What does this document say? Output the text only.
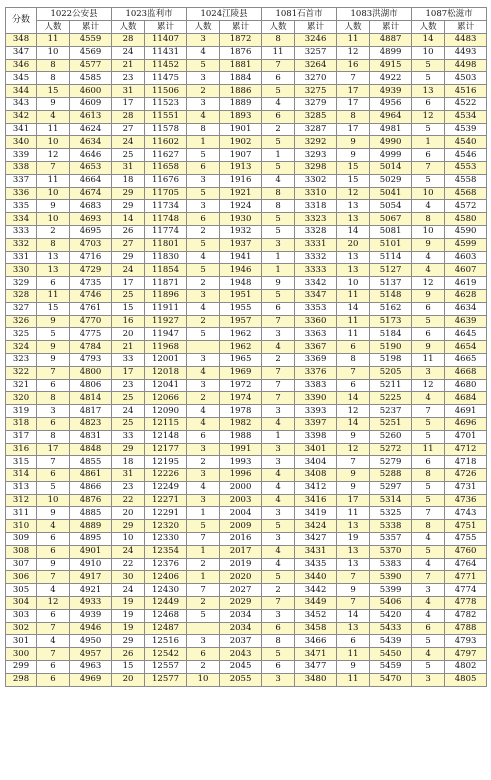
分数	1022公安县		1023监利市		1024江陵县		1081石首市		1083洪湖市		1087松滋市	
	人数	累计	人数	累计	人数	累计	人数	累计	人数	累计	人数	累计
348	11	4559	28	11407	3	1872	8	3246	11	4887	14	4483
347	10	4569	24	11431	4	1876	11	3257	12	4899	10	4493
346	8	4577	21	11452	5	1881	7	3264	16	4915	5	4498
345	8	4585	23	11475	3	1884	6	3270	7	4922	5	4503
344	15	4600	31	11506	2	1886	5	3275	17	4939	13	4516
343	9	4609	17	11523	3	1889	4	3279	17	4956	6	4522
342	4	4613	28	11551	4	1893	6	3285	8	4964	12	4534
341	11	4624	27	11578	8	1901	2	3287	17	4981	5	4539
340	10	4634	24	11602	1	1902	5	3292	9	4990	1	4540
339	12	4646	25	11627	5	1907	1	3293	9	4999	6	4546
338	7	4653	31	11658	6	1913	5	3298	15	5014	7	4553
337	11	4664	18	11676	3	1916	4	3302	15	5029	5	4558
336	10	4674	29	11705	5	1921	8	3310	12	5041	10	4568
335	9	4683	29	11734	3	1924	8	3318	13	5054	4	4572
334	10	4693	14	11748	6	1930	5	3323	13	5067	8	4580
333	2	4695	26	11774	2	1932	5	3328	14	5081	10	4590
332	8	4703	27	11801	5	1937	3	3331	20	5101	9	4599
331	13	4716	29	11830	4	1941	1	3332	13	5114	4	4603
330	13	4729	24	11854	5	1946	1	3333	13	5127	4	4607
329	6	4735	17	11871	2	1948	9	3342	10	5137	12	4619
328	11	4746	25	11896	3	1951	5	3347	11	5148	9	4628
327	15	4761	15	11911	4	1955	6	3353	14	5162	6	4634
326	9	4770	16	11927	2	1957	7	3360	11	5173	5	4639
325	5	4775	20	11947	5	1962	3	3363	11	5184	6	4645
324	9	4784	21	11968		1962	4	3367	6	5190	9	4654
323	9	4793	33	12001	3	1965	2	3369	8	5198	11	4665
322	7	4800	17	12018	4	1969	7	3376	7	5205	3	4668
321	6	4806	23	12041	3	1972	7	3383	6	5211	12	4680
320	8	4814	25	12066	2	1974	7	3390	14	5225	4	4684
319	3	4817	24	12090	4	1978	3	3393	12	5237	7	4691
318	6	4823	25	12115	4	1982	4	3397	14	5251	5	4696
317	8	4831	33	12148	6	1988	1	3398	9	5260	5	4701
316	17	4848	29	12177	3	1991	3	3401	12	5272	11	4712
315	7	4855	18	12195	2	1993	3	3404	7	5279	6	4718
314	6	4861	31	12226	3	1996	4	3408	9	5288	8	4726
313	5	4866	23	12249	4	2000	4	3412	9	5297	5	4731
312	10	4876	22	12271	3	2003	4	3416	17	5314	5	4736
311	9	4885	20	12291	1	2004	3	3419	11	5325	7	4743
310	4	4889	29	12320	5	2009	5	3424	13	5338	8	4751
309	6	4895	10	12330	7	2016	3	3427	19	5357	4	4755
308	6	4901	24	12354	1	2017	4	3431	13	5370	5	4760
307	9	4910	22	12376	2	2019	4	3435	13	5383	4	4764
306	7	4917	30	12406	1	2020	5	3440	7	5390	7	4771
305	4	4921	24	12430	7	2027	2	3442	9	5399	3	4774
304	12	4933	19	12449	2	2029	7	3449	7	5406	4	4778
303	6	4939	19	12468	5	2034	3	3452	14	5420	4	4782
302	7	4946	19	12487		2034	6	3458	13	5433	6	4788
301	4	4950	29	12516	3	2037	8	3466	6	5439	5	4793
300	7	4957	26	12542	6	2043	5	3471	11	5450	4	4797
299	6	4963	15	12557	2	2045	6	3477	9	5459	5	4802
298	6	4969	20	12577	10	2055	3	3480	11	5470	3	4805
